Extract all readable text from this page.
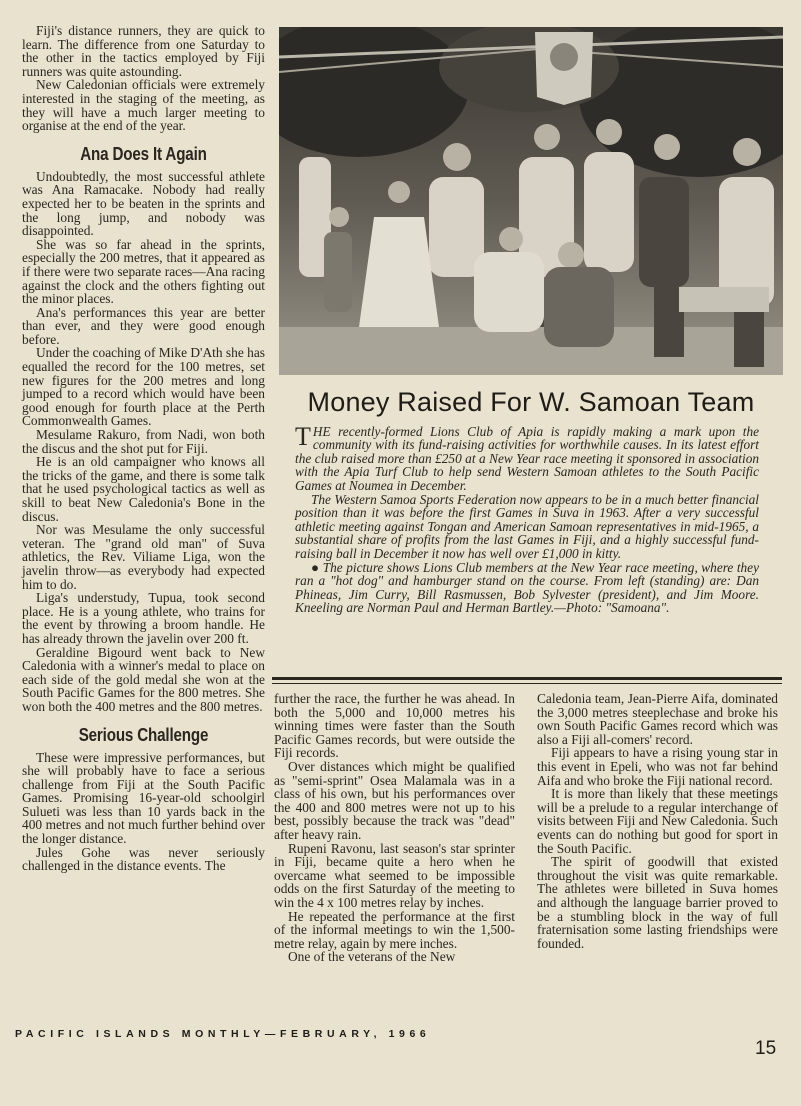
Fiji's distance runners, they are quick to learn. The difference from one Saturday to the other in the tactics employed by Fiji runners was quite astounding.

New Caledonian officials were extremely interested in the staging of the meeting, as they will have a much larger meeting to organise at the end of the year.

Ana Does It Again

Undoubtedly, the most successful athlete was Ana Ramacake. Nobody had really expected her to be beaten in the sprints and the long jump, and nobody was disappointed.

She was so far ahead in the sprints, especially the 200 metres, that it appeared as if there were two separate races—Ana racing against the clock and the others fighting out the minor places.

Ana's performances this year are better than ever, and they were good enough before.

Under the coaching of Mike D'Ath she has equalled the record for the 100 metres, set new figures for the 200 metres and long jumped to a record which would have been good enough for fourth place at the Perth Commonwealth Games.

Mesulame Rakuro, from Nadi, won both the discus and the shot put for Fiji.

He is an old campaigner who knows all the tricks of the game, and there is some talk that he used psychological tactics as well as skill to beat New Caledonia's Bone in the discus.

Nor was Mesulame the only successful veteran. The "grand old man" of Suva athletics, the Rev. Viliame Liga, won the javelin throw—as everybody had expected him to do.

Liga's understudy, Tupua, took second place. He is a young athlete, who trains for the event by throwing a broom handle. He has already thrown the javelin over 200 ft.

Geraldine Bigourd went back to New Caledonia with a winner's medal to place on each side of the gold medal she won at the South Pacific Games for the 800 metres. She won both the 400 metres and the 800 metres.

Serious Challenge

These were impressive performances, but she will probably have to face a serious challenge from Fiji at the South Pacific Games. Promising 16-year-old schoolgirl Sulueti was less than 10 yards back in the 400 metres and not much further behind over the longer distance.

Jules Gohe was never seriously challenged in the distance events. The

Money Raised For W. Samoan Team

THE recently-formed Lions Club of Apia is rapidly making a mark upon the community with its fund-raising activities for worthwhile causes. In its latest effort the club raised more than £250 at a New Year race meeting it sponsored in association with the Apia Turf Club to help send Western Samoan athletes to the South Pacific Games at Noumea in December.

The Western Samoa Sports Federation now appears to be in a much better financial position than it was before the first Games in Suva in 1963. After a very successful athletic meeting against Tongan and American Samoan representatives in mid-1965, a substantial share of profits from the last Games in Fiji, and a highly successful fund-raising ball in December it now has well over £1,000 in kitty.

● The picture shows Lions Club members at the New Year race meeting, where they ran a "hot dog" and hamburger stand on the course. From left (standing) are: Dan Phineas, Jim Curry, Bill Rasmussen, Bob Sylvester (president), and Jim Moore. Kneeling are Norman Paul and Herman Bartley.—Photo: "Samoana".

further the race, the further he was ahead. In both the 5,000 and 10,000 metres his winning times were faster than the South Pacific Games records, but were outside the Fiji records.

Over distances which might be qualified as "semi-sprint" Osea Malamala was in a class of his own, but his performances over the 400 and 800 metres were not up to his best, possibly because the track was "dead" after heavy rain.

Rupeni Ravonu, last season's star sprinter in Fiji, became quite a hero when he overcame what seemed to be impossible odds on the first Saturday of the meeting to win the 4 x 100 metres relay by inches.

He repeated the performance at the first of the informal meetings to win the 1,500-metre relay, again by mere inches.

One of the veterans of the New

Caledonia team, Jean-Pierre Aifa, dominated the 3,000 metres steeplechase and broke his own South Pacific Games record which was also a Fiji all-comers' record.

Fiji appears to have a rising young star in this event in Epeli, who was not far behind Aifa and who broke the Fiji national record.

It is more than likely that these meetings will be a prelude to a regular interchange of visits between Fiji and New Caledonia. Such events can do nothing but good for sport in the South Pacific.

The spirit of goodwill that existed throughout the visit was quite remarkable. The athletes were billeted in Suva homes and although the language barrier proved to be a stumbling block in the way of full fraternisation some lasting friendships were founded.

PACIFIC ISLANDS MONTHLY—FEBRUARY, 1966
15
